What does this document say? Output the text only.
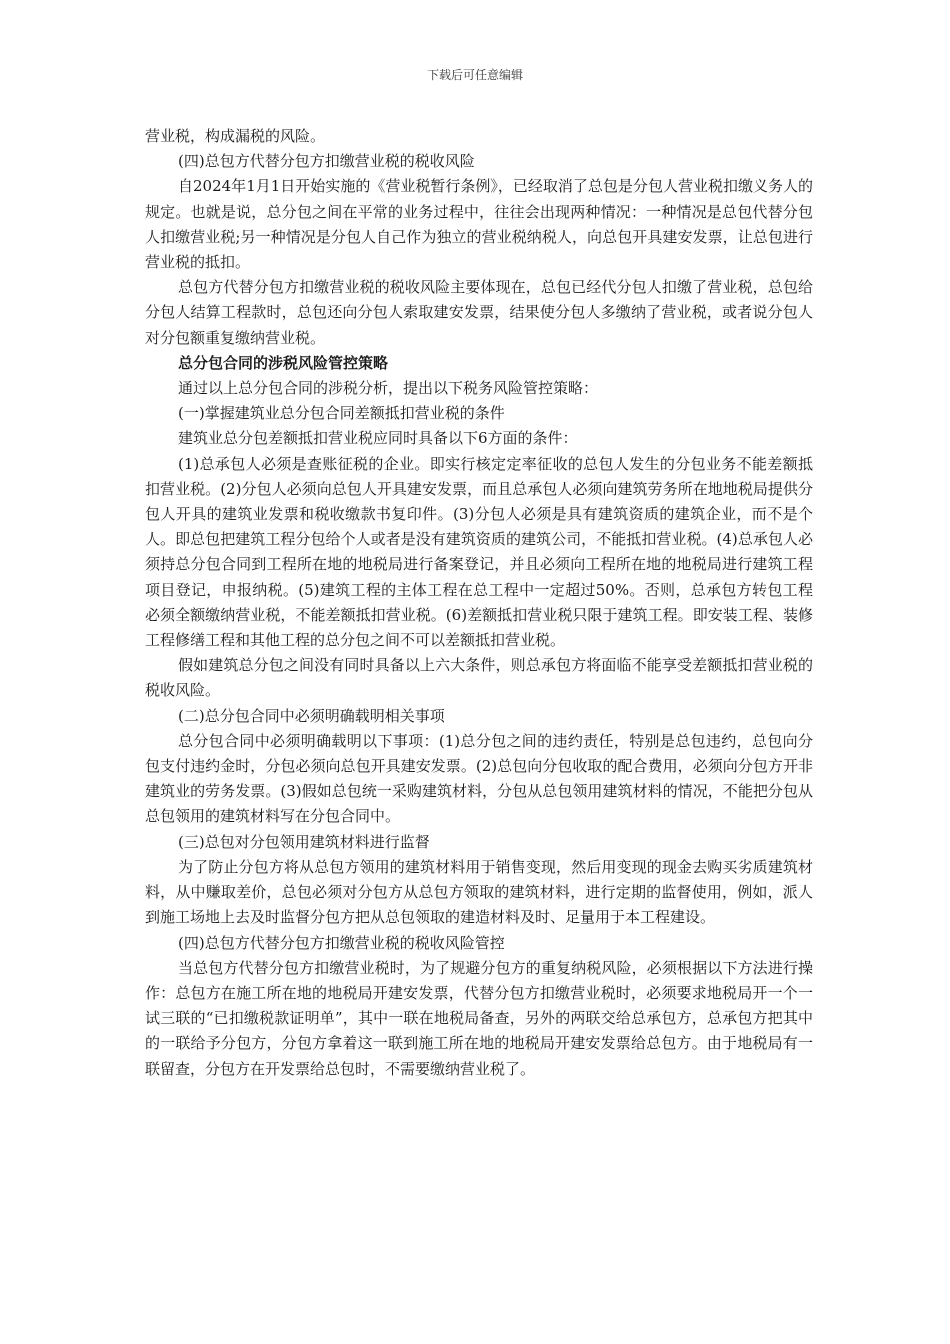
下载后可任意编辑

营业税，构成漏税的风险。

(四)总包方代替分包方扣缴营业税的税收风险

自2024年1月1日开始实施的《营业税暂行条例》，已经取消了总包是分包人营业税扣缴义务人的规定。也就是说，总分包之间在平常的业务过程中，往往会出现两种情况：一种情况是总包代替分包人扣缴营业税;另一种情况是分包人自己作为独立的营业税纳税人，向总包开具建安发票，让总包进行营业税的抵扣。

总包方代替分包方扣缴营业税的税收风险主要体现在，总包已经代分包人扣缴了营业税，总包给分包人结算工程款时，总包还向分包人索取建安发票，结果使分包人多缴纳了营业税，或者说分包人对分包额重复缴纳营业税。

总分包合同的涉税风险管控策略

通过以上总分包合同的涉税分析，提出以下税务风险管控策略：

(一)掌握建筑业总分包合同差额抵扣营业税的条件

建筑业总分包差额抵扣营业税应同时具备以下6方面的条件：

(1)总承包人必须是查账征税的企业。即实行核定定率征收的总包人发生的分包业务不能差额抵扣营业税。(2)分包人必须向总包人开具建安发票，而且总承包人必须向建筑劳务所在地地税局提供分包人开具的建筑业发票和税收缴款书复印件。(3)分包人必须是具有建筑资质的建筑企业，而不是个人。即总包把建筑工程分包给个人或者是没有建筑资质的建筑公司，不能抵扣营业税。(4)总承包人必须持总分包合同到工程所在地的地税局进行备案登记，并且必须向工程所在地的地税局进行建筑工程项目登记，申报纳税。(5)建筑工程的主体工程在总工程中一定超过50%。否则，总承包方转包工程必须全额缴纳营业税，不能差额抵扣营业税。(6)差额抵扣营业税只限于建筑工程。即安装工程、装修工程修缮工程和其他工程的总分包之间不可以差额抵扣营业税。

假如建筑总分包之间没有同时具备以上六大条件，则总承包方将面临不能享受差额抵扣营业税的税收风险。

(二)总分包合同中必须明确载明相关事项

总分包合同中必须明确载明以下事项：(1)总分包之间的违约责任，特别是总包违约，总包向分包支付违约金时，分包必须向总包开具建安发票。(2)总包向分包收取的配合费用，必须向分包方开非建筑业的劳务发票。(3)假如总包统一采购建筑材料，分包从总包领用建筑材料的情况，不能把分包从总包领用的建筑材料写在分包合同中。

(三)总包对分包领用建筑材料进行监督

为了防止分包方将从总包方领用的建筑材料用于销售变现，然后用变现的现金去购买劣质建筑材料，从中赚取差价，总包必须对分包方从总包方领取的建筑材料，进行定期的监督使用，例如，派人到施工场地上去及时监督分包方把从总包领取的建造材料及时、足量用于本工程建设。

(四)总包方代替分包方扣缴营业税的税收风险管控

当总包方代替分包方扣缴营业税时，为了规避分包方的重复纳税风险，必须根据以下方法进行操作：总包方在施工所在地的地税局开建安发票，代替分包方扣缴营业税时，必须要求地税局开一个一试三联的“已扣缴税款证明单”，其中一联在地税局备查，另外的两联交给总承包方，总承包方把其中的一联给予分包方，分包方拿着这一联到施工所在地的地税局开建安发票给总包方。由于地税局有一联留查，分包方在开发票给总包时，不需要缴纳营业税了。
